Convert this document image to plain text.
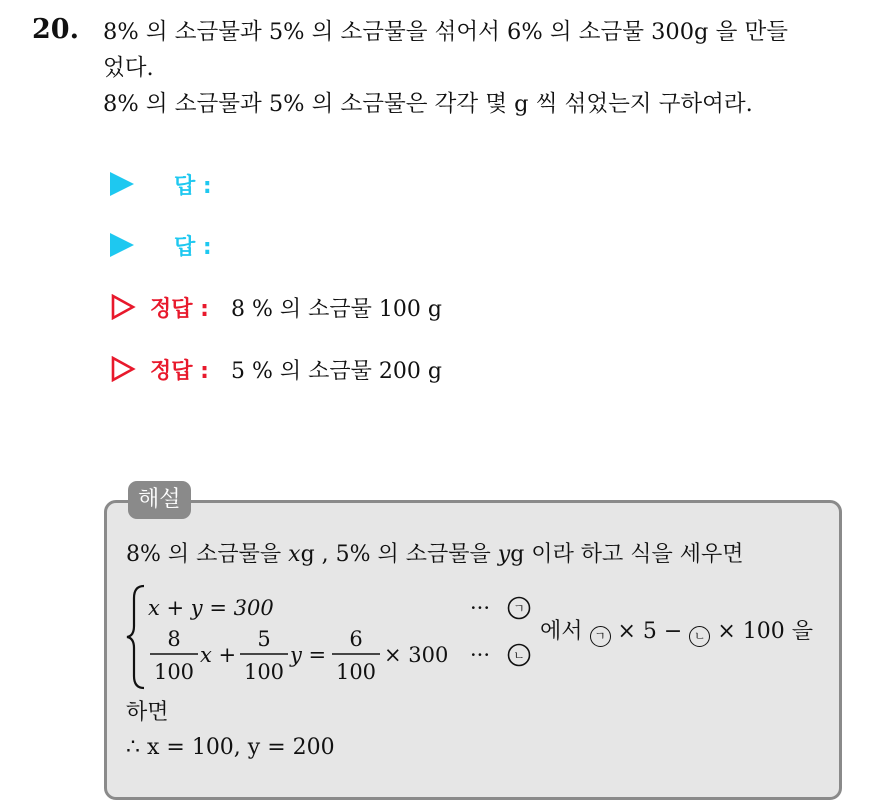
20. 8% 의 소금물과 5% 의 소금물을 섞어서 6% 의 소금물 300g 을 만들
었다.
8% 의 소금물과 5% 의 소금물은 각각 몇 g 씩 섞었는지 구하여라.
답 :
답 :
정답 : 8 % 의 소금물 100 g
정답 : 5 % 의 소금물 200 g
해설
8% 의 소금물을 xg , 5% 의 소금물을 yg 이라 하고 식을 세우면
x + y = 300	··· ㄱ
8
100
x +
5
100
y =
6
100
× 300 ··· ㄴ
에서 ㄱ × 5 − ㄴ × 100 을
하면
∴ x = 100, y = 200
